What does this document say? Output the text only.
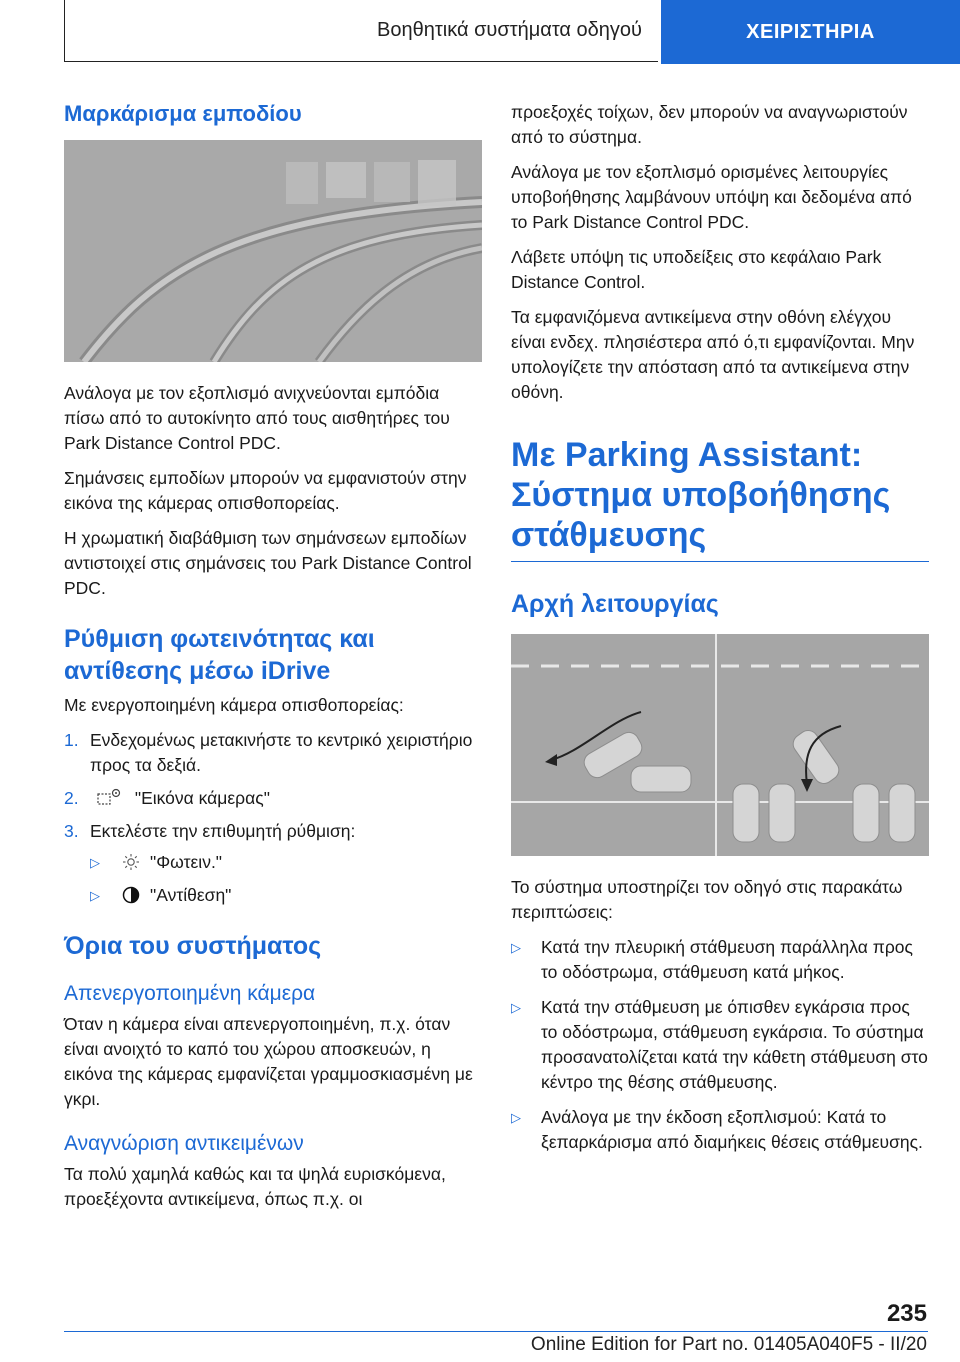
Βοηθητικά συστήματα οδηγού	ΧΕΙΡΙΣΤΗΡΙΑ
Μαρκάρισμα εμποδίου

Ανάλογα με τον εξοπλισμό ανιχνεύονται εμπόδια πίσω από το αυτοκίνητο από τους αισθητήρες του Park Distance Control PDC.

Σημάνσεις εμποδίων μπορούν να εμφανιστούν στην εικόνα της κάμερας οπισθοπορείας.

Η χρωματική διαβάθμιση των σημάνσεων εμποδίων αντιστοιχεί στις σημάνσεις του Park Distance Control PDC.

Ρύθμιση φωτεινότητας και αντίθεσης μέσω iDrive

Με ενεργοποιημένη κάμερα οπισθοπορείας:

1. Ενδεχομένως μετακινήστε το κεντρικό χειριστήριο προς τα δεξιά.
2.	"Εικόνα κάμερας"
3. Εκτελέστε την επιθυμητή ρύθμιση:
▷	"Φωτειν."
▷	"Αντίθεση"
Όρια του συστήματος
Απενεργοποιημένη κάμερα

Όταν η κάμερα είναι απενεργοποιημένη, π.χ. όταν είναι ανοιχτό το καπό του χώρου αποσκευών, η εικόνα της κάμερας εμφανίζεται γραμμοσκιασμένη με γκρι.

Αναγνώριση αντικειμένων

Τα πολύ χαμηλά καθώς και τα ψηλά ευρισκόμενα, προεξέχοντα αντικείμενα, όπως π.χ. οι

προεξοχές τοίχων, δεν μπορούν να αναγνωριστούν από το σύστημα.

Ανάλογα με τον εξοπλισμό ορισμένες λειτουργίες υποβοήθησης λαμβάνουν υπόψη και δεδομένα από το Park Distance Control PDC.

Λάβετε υπόψη τις υποδείξεις στο κεφάλαιο Park Distance Control.

Τα εμφανιζόμενα αντικείμενα στην οθόνη ελέγχου είναι ενδεχ. πλησιέστερα από ό,τι εμφανίζονται. Μην υπολογίζετε την απόσταση από τα αντικείμενα στην οθόνη.

Με Parking Assistant: Σύστημα υποβοήθησης στάθμευσης
Αρχή λειτουργίας

Το σύστημα υποστηρίζει τον οδηγό στις παρακάτω περιπτώσεις:

▷ Κατά την πλευρική στάθμευση παράλληλα προς το οδόστρωμα, στάθμευση κατά μήκος.
▷ Κατά την στάθμευση με όπισθεν εγκάρσια προς το οδόστρωμα, στάθμευση εγκάρσια. Το σύστημα προσανατολίζεται κατά την κάθετη στάθμευση στο κέντρο της θέσης στάθμευσης.
▷ Ανάλογα με την έκδοση εξοπλισμού: Κατά το ξεπαρκάρισμα από διαμήκεις θέσεις στάθμευσης.
235
Online Edition for Part no. 01405A040F5 - II/20
